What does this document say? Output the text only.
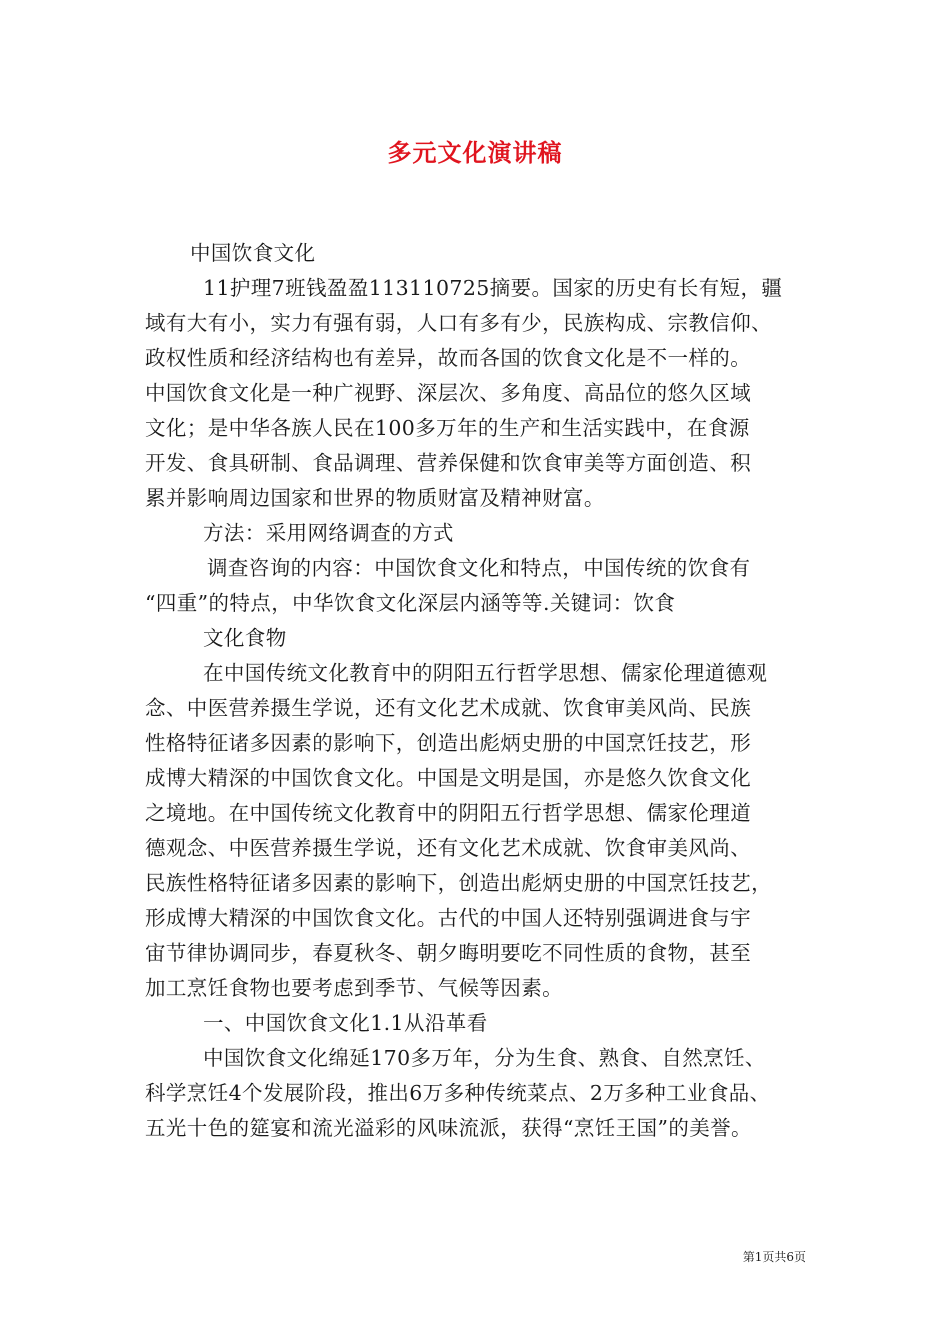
多元文化演讲稿
中国饮食文化
11护理7班钱盈盈113110725摘要。国家的历史有长有短，疆
域有大有小，实力有强有弱，人口有多有少，民族构成、宗教信仰、
政权性质和经济结构也有差异，故而各国的饮食文化是不一样的。
中国饮食文化是一种广视野、深层次、多角度、高品位的悠久区域
文化；是中华各族人民在100多万年的生产和生活实践中，在食源
开发、食具研制、食品调理、营养保健和饮食审美等方面创造、积
累并影响周边国家和世界的物质财富及精神财富。
方法：采用网络调查的方式
调查咨询的内容：中国饮食文化和特点，中国传统的饮食有
“四重”的特点，中华饮食文化深层内涵等等.关键词：饮食
文化食物
在中国传统文化教育中的阴阳五行哲学思想、儒家伦理道德观
念、中医营养摄生学说，还有文化艺术成就、饮食审美风尚、民族
性格特征诸多因素的影响下，创造出彪炳史册的中国烹饪技艺，形
成博大精深的中国饮食文化。中国是文明是国，亦是悠久饮食文化
之境地。在中国传统文化教育中的阴阳五行哲学思想、儒家伦理道
德观念、中医营养摄生学说，还有文化艺术成就、饮食审美风尚、
民族性格特征诸多因素的影响下，创造出彪炳史册的中国烹饪技艺，
形成博大精深的中国饮食文化。古代的中国人还特别强调进食与宇
宙节律协调同步，春夏秋冬、朝夕晦明要吃不同性质的食物，甚至
加工烹饪食物也要考虑到季节、气候等因素。
一、中国饮食文化1.1从沿革看
中国饮食文化绵延170多万年，分为生食、熟食、自然烹饪、
科学烹饪4个发展阶段，推出6万多种传统菜点、2万多种工业食品、
五光十色的筵宴和流光溢彩的风味流派，获得“烹饪王国”的美誉。
第1页共6页
